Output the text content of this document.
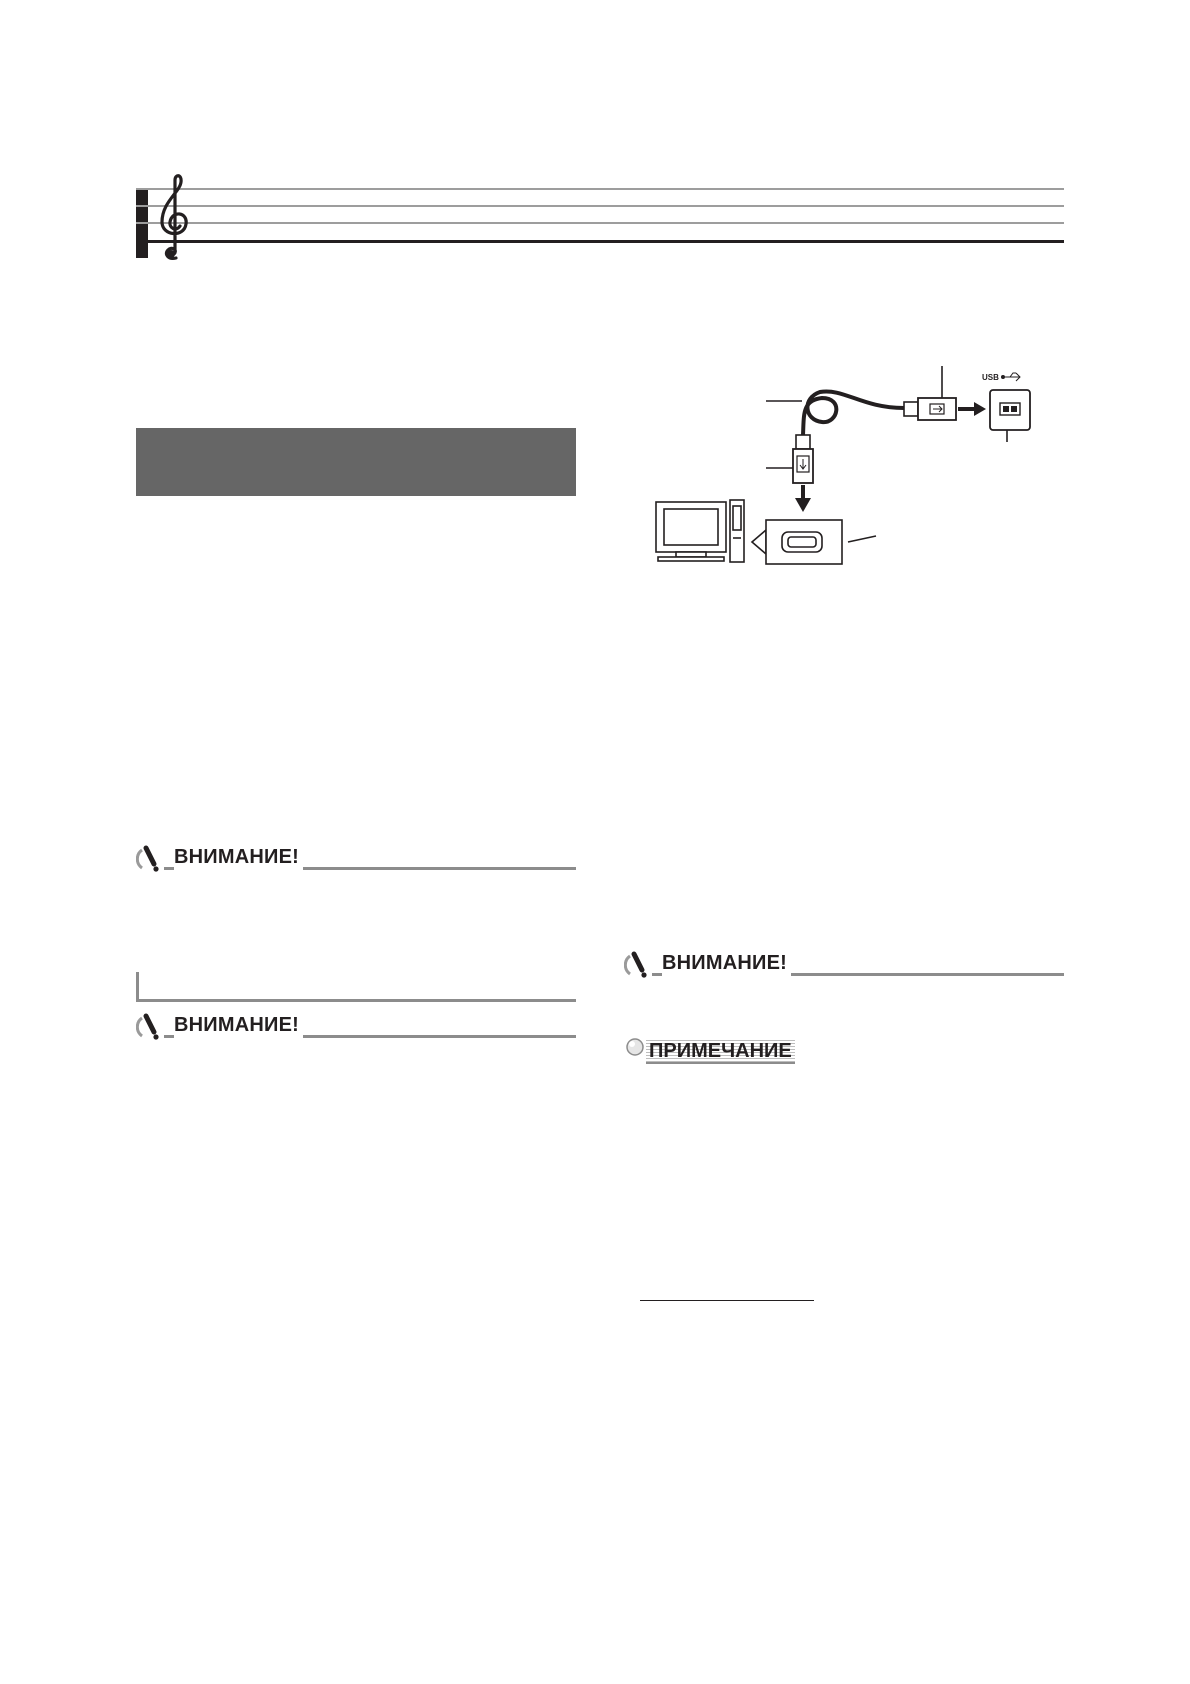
ВНИМАНИЕ!
ВНИМАНИЕ!
ВНИМАНИЕ!
ПРИМЕЧАНИЕ
USB
